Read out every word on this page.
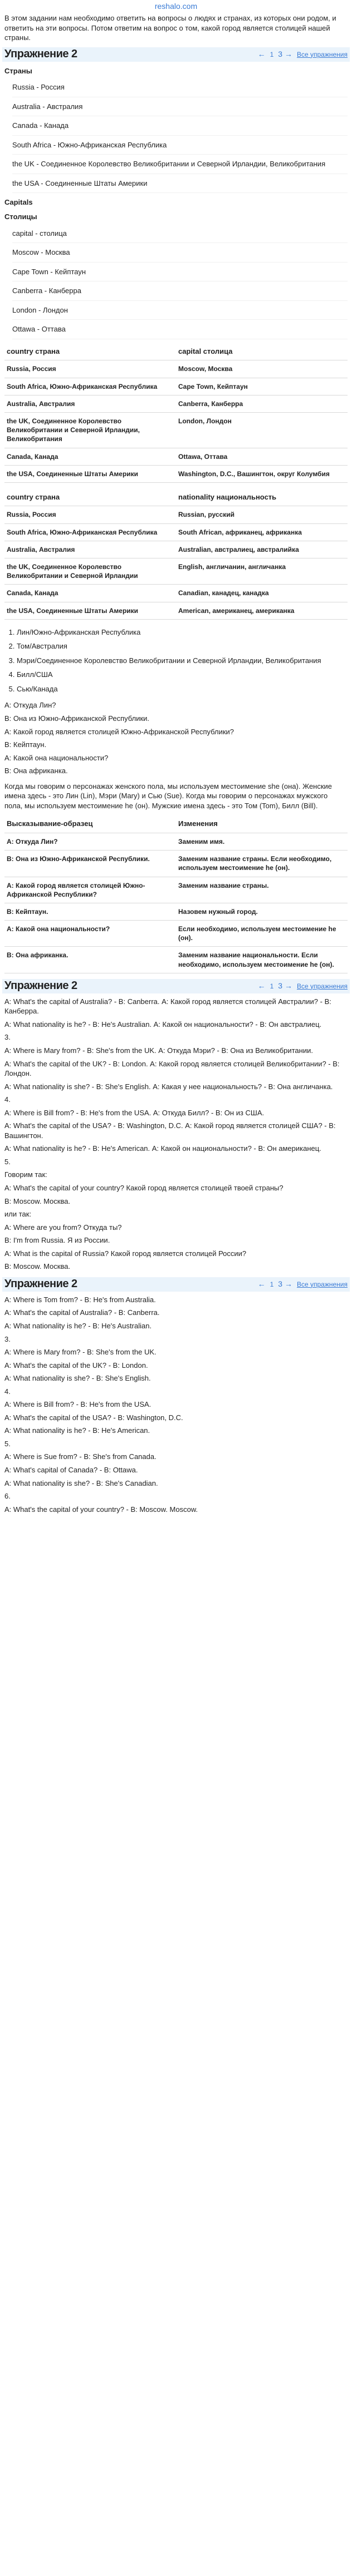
reshalo.com

В этом задании нам необходимо ответить на вопросы о людях и странах, из которых они родом, и ответить на эти вопросы. Потом ответим на вопрос о том, какой город является столицей нашей страны.

Упражнение 2	← 1 3 → Все упражнения
Страны
Russia - Россия
Australia - Австралия
Canada - Канада
South Africa - Южно-Африканская Республика
the UK - Соединенное Королевство Великобритании и Северной Ирландии, Великобритания
the USA - Соединенные Штаты Америки
Capitals
Столицы
capital - столица
Moscow - Москва
Cape Town - Кейптаун
Canberra - Канберра
London - Лондон
Ottawa - Оттава
country страна	capital столица
Russia, Россия	Moscow, Москва
South Africa, Южно-Африканская Республика	Cape Town, Кейптаун
Australia, Австралия	Canberra, Канберра
the UK, Соединенное Королевство Великобритании и Северной Ирландии, Великобритания	London, Лондон
Canada, Канада	Ottawa, Оттава
the USA, Соединенные Штаты Америки	Washington, D.C., Вашингтон, округ Колумбия
country страна	nationality национальность
Russia, Россия	Russian, русский
South Africa, Южно-Африканская Республика	South African, африканец, африканка
Australia, Австралия	Australian, австралиец, австралийка
the UK, Соединенное Королевство Великобритании и Северной Ирландии	English, англичанин, англичанка
Canada, Канада	Canadian, канадец, канадка
the USA, Соединенные Штаты Америки	American, американец, американка
1. Лин/Южно-Африканская Республика
2. Том/Австралия
3. Мэри/Соединенное Королевство Великобритании и Северной Ирландии, Великобритания
4. Билл/США
5. Сью/Канада
A: Откуда Лин?
B: Она из Южно-Африканской Республики.
A: Какой город является столицей Южно-Африканской Республики?
B: Кейптаун.
A: Какой она национальности?
B: Она африканка.

Когда мы говорим о персонажах женского пола, мы используем местоимение she (она). Женские имена здесь - это Лин (Lin), Мэри (Mary) и Сью (Sue). Когда мы говорим о персонажах мужского пола, мы используем местоимение he (он). Мужские имена здесь - это Том (Tom), Билл (Bill).

Высказывание-образец	Изменения
A: Откуда Лин?	Заменим имя.
B: Она из Южно-Африканской Республики.	Заменим название страны. Если необходимо, используем местоимение he (он).
A: Какой город является столицей Южно-Африканской Республики?	Заменим название страны.
B: Кейптаун.	Назовем нужный город.
A: Какой она национальности?	Если необходимо, используем местоимение he (он).
B: Она африканка.	Заменим название национальности. Если необходимо, используем местоимение he (он).
Упражнение 2	← 1 3 → Все упражнения
A: What's the capital of Australia? - B: Canberra. А: Какой город является столицей Австралии? - В: Канберра.
A: What nationality is he? - B: He's Australian. А: Какой он национальности? - В: Он австралиец.
3.
A: Where is Mary from? - B: She's from the UK. А: Откуда Мэри? - В: Она из Великобритании.
A: What's the capital of the UK? - B: London. А: Какой город является столицей Великобритании? - В: Лондон.
A: What nationality is she? - B: She's English. А: Какая у нее национальность? - В: Она англичанка.
4.
A: Where is Bill from? - B: He's from the USA. А: Откуда Билл? - В: Он из США.
A: What's the capital of the USA? - B: Washington, D.C. А: Какой город является столицей США? - В: Вашингтон.
A: What nationality is he? - B: He's American. А: Какой он национальности? - В: Он американец.
5.
Говорим так:
A: What's the capital of your country? Какой город является столицей твоей страны?
B: Moscow. Москва.
или так:
A: Where are you from? Откуда ты?
B: I'm from Russia. Я из России.
A: What is the capital of Russia? Какой город является столицей России?
B: Moscow. Москва.
Упражнение 2	← 1 3 → Все упражнения
A: Where is Tom from? - B: He's from Australia.
A: What's the capital of Australia? - B: Canberra.
A: What nationality is he? - B: He's Australian.
3.
A: Where is Mary from? - B: She's from the UK.
A: What's the capital of the UK? - B: London.
A: What nationality is she? - B: She's English.
4.
A: Where is Bill from? - B: He's from the USA.
A: What's the capital of the USA? - B: Washington, D.C.
A: What nationality is he? - B: He's American.
5.
A: Where is Sue from? - B: She's from Canada.
A: What's capital of Canada? - B: Ottawa.
A: What nationality is she? - B: She's Canadian.
6.
A: What's the capital of your country? - B: Moscow. Moscow.
